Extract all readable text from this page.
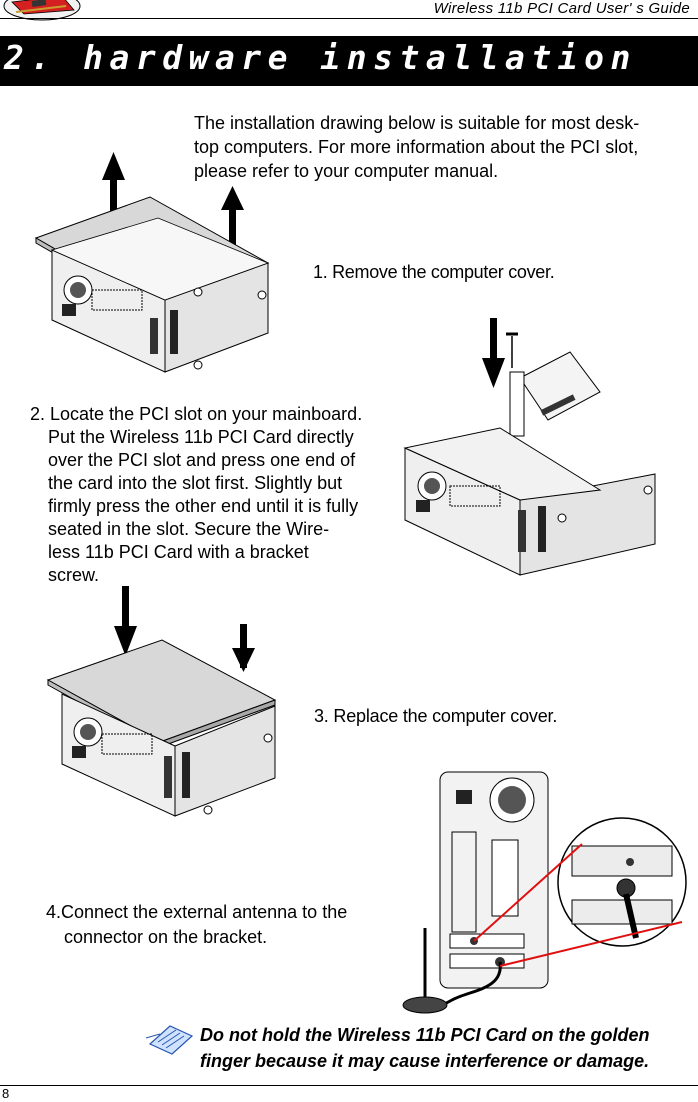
Wireless 11b PCI Card User' s Guide
2. hardware installation
The installation drawing below is suitable for most desk-
top computers. For more information about the PCI slot,
please refer to your computer manual.
1. Remove the computer cover.
2. Locate the PCI slot on your mainboard.
Put the Wireless 11b PCI Card directly
over the PCI slot and press one end of
the card into the slot first. Slightly but
firmly press the other end until it is fully
seated in the slot. Secure the Wire-
less 11b PCI Card with a bracket
screw.
3. Replace the computer cover.
4.Connect the external antenna to the
connector on the bracket.
Do not hold the Wireless 11b PCI Card on the golden
finger because it may cause interference or damage.
8
